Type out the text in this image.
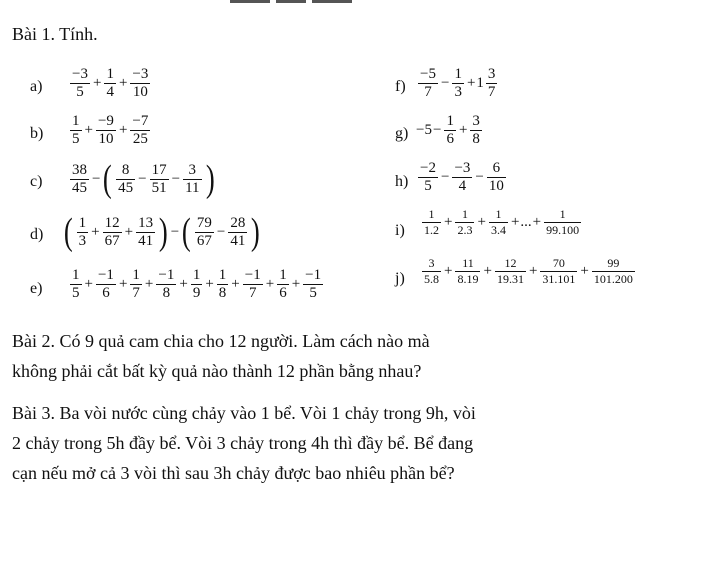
Bài 1. Tính.
a)
b)
c)
d)
e)
f)
g)
h)
i)
j)
$\frac{-3}{5} + \frac{1}{4} + \frac{-3}{10}$
$\frac{1}{5} + \frac{-9}{10} + \frac{-7}{25}$
$\frac{38}{45}$ − ( $\frac{8}{45} - \frac{17}{51} - \frac{3}{11}$ )
( $\frac{1}{3} + \frac{12}{67} + \frac{13}{41}$ ) − ( $\frac{79}{67} - \frac{28}{41}$ )
$\frac{1}{5} + \frac{-1}{6} + \frac{1}{7} + \frac{-1}{8} + \frac{1}{9} + \frac{1}{8} + \frac{-1}{7} + \frac{1}{6} + \frac{-1}{5}$
$\frac{-5}{7} - \frac{1}{3} + 1 \frac{3}{7}$
$-5 - \frac{1}{6} + \frac{3}{8}$
$\frac{-2}{5} - \frac{-3}{4} - \frac{6}{10}$
$\frac{1}{1.2} + \frac{1}{2.3} + \frac{1}{3.4}$ + ... + $\frac{1}{99.100}$
$\frac{3}{5.8} + \frac{11}{8.19} + \frac{12}{19.31} + \frac{70}{31.101} + \frac{99}{101.200}$
Bài 2. Có 9 quả cam chia cho 12 người. Làm cách nào mà
không phải cắt bất kỳ quả nào thành 12 phần bằng nhau?
Bài 3. Ba vòi nước cùng chảy vào 1 bể. Vòi 1 chảy trong 9h, vòi
2 chảy trong 5h đầy bể. Vòi 3 chảy trong 4h thì đầy bể. Bể đang
cạn nếu mở cả 3 vòi thì sau 3h chảy được bao nhiêu phần bể?
